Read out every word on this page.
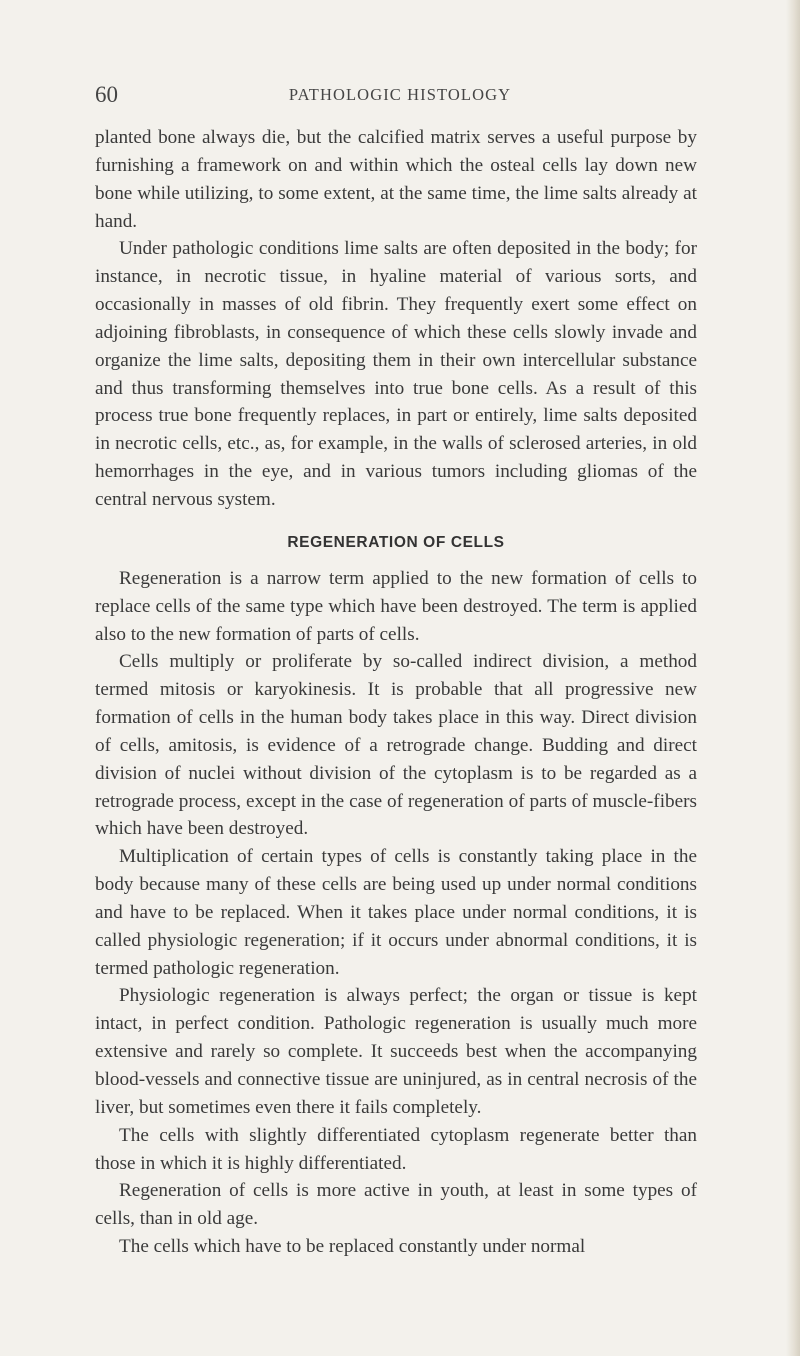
60	PATHOLOGIC HISTOLOGY

planted bone always die, but the calcified matrix serves a useful purpose by furnishing a framework on and within which the osteal cells lay down new bone while utilizing, to some extent, at the same time, the lime salts already at hand.

Under pathologic conditions lime salts are often deposited in the body; for instance, in necrotic tissue, in hyaline material of various sorts, and occasionally in masses of old fibrin. They frequently exert some effect on adjoining fibroblasts, in consequence of which these cells slowly invade and organize the lime salts, depositing them in their own intercellular substance and thus transforming themselves into true bone cells. As a result of this process true bone frequently replaces, in part or entirely, lime salts deposited in necrotic cells, etc., as, for example, in the walls of sclerosed arteries, in old hemorrhages in the eye, and in various tumors including gliomas of the central nervous system.

REGENERATION OF CELLS

Regeneration is a narrow term applied to the new formation of cells to replace cells of the same type which have been destroyed. The term is applied also to the new formation of parts of cells.

Cells multiply or proliferate by so-called indirect division, a method termed mitosis or karyokinesis. It is probable that all progressive new formation of cells in the human body takes place in this way. Direct division of cells, amitosis, is evidence of a retrograde change. Budding and direct division of nuclei without division of the cytoplasm is to be regarded as a retrograde process, except in the case of regeneration of parts of muscle-fibers which have been destroyed.

Multiplication of certain types of cells is constantly taking place in the body because many of these cells are being used up under normal conditions and have to be replaced. When it takes place under normal conditions, it is called physiologic regeneration; if it occurs under abnormal conditions, it is termed pathologic regeneration.

Physiologic regeneration is always perfect; the organ or tissue is kept intact, in perfect condition. Pathologic regeneration is usually much more extensive and rarely so complete. It succeeds best when the accompanying blood-vessels and connective tissue are uninjured, as in central necrosis of the liver, but sometimes even there it fails completely.

The cells with slightly differentiated cytoplasm regenerate better than those in which it is highly differentiated.

Regeneration of cells is more active in youth, at least in some types of cells, than in old age.

The cells which have to be replaced constantly under normal
